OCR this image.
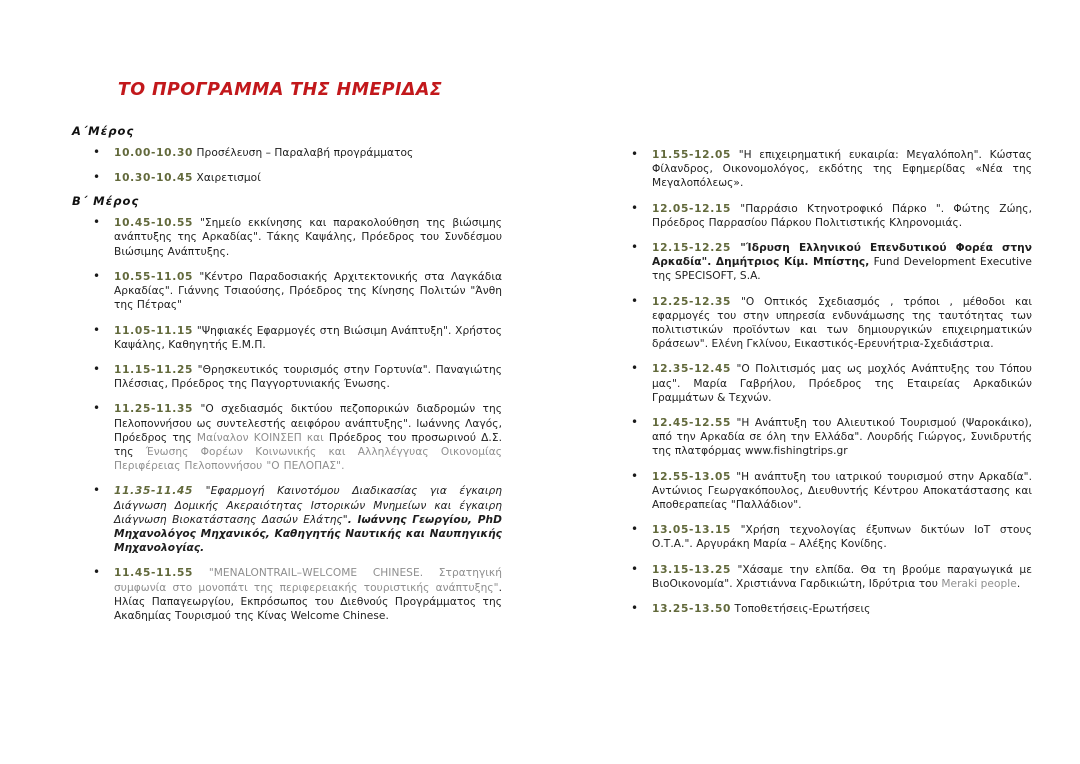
ΤΟ ΠΡΟΓΡΑΜΜΑ ΤΗΣ ΗΜΕΡΙΔΑΣ
Α΄Μέρος
• 10.00-10.30 Προσέλευση – Παραλαβή προγράμματος
• 10.30-10.45 Χαιρετισμοί
Β΄ Μέρος
• 10.45-10.55 "Σημείο εκκίνησης και παρακολούθηση της βιώσιμης ανάπτυξης της Αρκαδίας". Τάκης Καψάλης, Πρόεδρος του Συνδέσμου Βιώσιμης Ανάπτυξης.
• 10.55-11.05 "Κέντρο Παραδοσιακής Αρχιτεκτονικής στα Λαγκάδια Αρκαδίας". Γιάννης Τσιαούσης, Πρόεδρος της Κίνησης Πολιτών "Άνθη της Πέτρας"
• 11.05-11.15 "Ψηφιακές Εφαρμογές στη Βιώσιμη Ανάπτυξη". Χρήστος Καψάλης, Καθηγητής Ε.Μ.Π.
• 11.15-11.25 "Θρησκευτικός τουρισμός στην Γορτυνία". Παναγιώτης Πλέσσιας, Πρόεδρος της Παγγορτυνιακής Ένωσης.
• 11.25-11.35 "Ο σχεδιασμός δικτύου πεζοπορικών διαδρομών της Πελοποννήσου ως συντελεστής αειφόρου ανάπτυξης". Ιωάννης Λαγός, Πρόεδρος της Μαίναλον ΚΟΙΝΣΕΠ και Πρόεδρος του προσωρινού Δ.Σ. της Ένωσης Φορέων Κοινωνικής και Αλληλέγγυας Οικονομίας Περιφέρειας Πελοποννήσου "Ο ΠΕΛΟΠΑΣ".
• 11.35-11.45 "Εφαρμογή Καινοτόμου Διαδικασίας για έγκαιρη Διάγνωση Δομικής Ακεραιότητας Ιστορικών Μνημείων και έγκαιρη Διάγνωση Βιοκατάστασης Δασών Ελάτης". Ιωάννης Γεωργίου, PhD Μηχανολόγος Μηχανικός, Καθηγητής Ναυτικής και Ναυπηγικής Μηχανολογίας.
• 11.45-11.55 "MENALONTRAIL–WELCOME CHINESE. Στρατηγική συμφωνία στο μονοπάτι της περιφερειακής τουριστικής ανάπτυξης". Ηλίας Παπαγεωργίου, Εκπρόσωπος του Διεθνούς Προγράμματος της Ακαδημίας Τουρισμού της Κίνας Welcome Chinese.
• 11.55-12.05 "Η επιχειρηματική ευκαιρία: Μεγαλόπολη". Κώστας Φίλανδρος, Οικονομολόγος, εκδότης της Εφημερίδας «Νέα της Μεγαλοπόλεως».
• 12.05-12.15 "Παρράσιο Κτηνοτροφικό Πάρκο ". Φώτης Ζώης, Πρόεδρος Παρρασίου Πάρκου Πολιτιστικής Κληρονομιάς.
• 12.15-12.25 "Ίδρυση Ελληνικού Επενδυτικού Φορέα στην Αρκαδία". Δημήτριος Κίμ. Μπίστης, Fund Development Executive της SPECISOFT, S.A.
• 12.25-12.35 "Ο Οπτικός Σχεδιασμός , τρόποι , μέθοδοι και εφαρμογές του στην υπηρεσία ενδυνάμωσης της ταυτότητας των πολιτιστικών προϊόντων και των δημιουργικών επιχειρηματικών δράσεων". Ελένη Γκλίνου, Εικαστικός-Ερευνήτρια-Σχεδιάστρια.
• 12.35-12.45 "Ο Πολιτισμός μας ως μοχλός Ανάπτυξης του Τόπου μας". Μαρία Γαβρήλου, Πρόεδρος της Εταιρείας Αρκαδικών Γραμμάτων & Τεχνών.
• 12.45-12.55 "Η Ανάπτυξη του Αλιευτικού Τουρισμού (Ψαροκάικο), από την Αρκαδία σε όλη την Ελλάδα". Λουρδής Γιώργος, Συνιδρυτής της πλατφόρμας www.fishingtrips.gr
• 12.55-13.05 "Η ανάπτυξη του ιατρικού τουρισμού στην Αρκαδία". Αντώνιος Γεωργακόπουλος, Διευθυντής Κέντρου Αποκατάστασης και Αποθεραπείας "Παλλάδιον".
• 13.05-13.15 "Χρήση τεχνολογίας έξυπνων δικτύων IoT στους Ο.Τ.Α.". Αργυράκη Μαρία – Αλέξης Κονίδης.
• 13.15-13.25 "Χάσαμε την ελπίδα. Θα τη βρούμε παραγωγικά με ΒιοΟικονομία". Χριστιάννα Γαρδικιώτη, Ιδρύτρια του Meraki people.
• 13.25-13.50 Τοποθετήσεις-Ερωτήσεις
